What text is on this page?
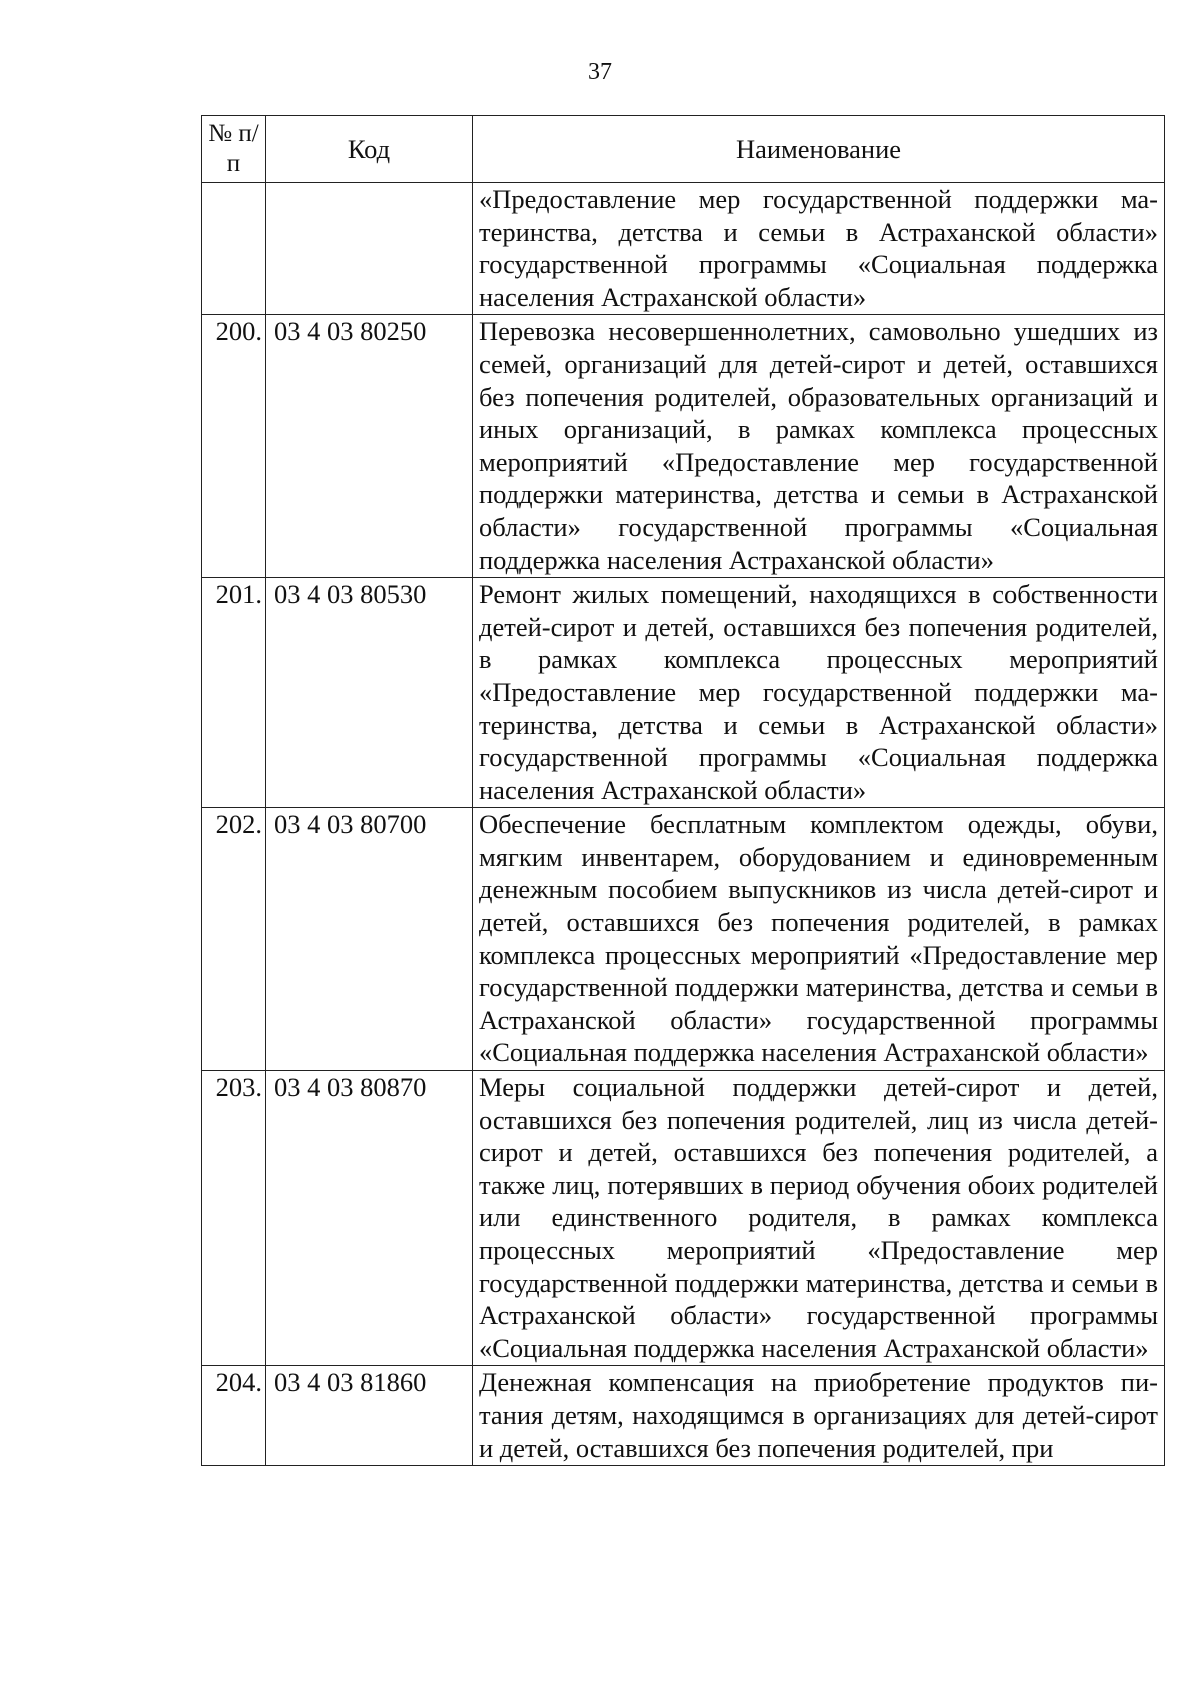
37
№ п/п	Код	Наименование
		«Предоставление мер государственной поддержки материнства, детства и семьи в Астраханской области» государственной программы «Социальная поддержка населения Астраханской области»
200.	03 4 03 80250	Перевозка несовершеннолетних, самовольно ушедших из семей, организаций для детей-сирот и детей, оставшихся без попечения родителей, образовательных организаций и иных организаций, в рамках комплекса процессных мероприятий «Предоставление мер государственной поддержки материнства, детства и семьи в Астраханской области» государственной программы «Социальная поддержка населения Астраханской области»
201.	03 4 03 80530	Ремонт жилых помещений, находящихся в собственности детей-сирот и детей, оставшихся без попечения родителей, в рамках комплекса процессных мероприятий «Предоставление мер государственной поддержки материнства, детства и семьи в Астраханской области» государственной программы «Социальная поддержка населения Астраханской области»
202.	03 4 03 80700	Обеспечение бесплатным комплектом одежды, обуви, мягким инвентарем, оборудованием и единовременным денежным пособием выпускников из числа детей-сирот и детей, оставшихся без попечения родителей, в рамках комплекса процессных мероприятий «Предоставление мер государственной поддержки материнства, детства и семьи в Астраханской области» государственной программы «Социальная поддержка населения Астраханской области»
203.	03 4 03 80870	Меры социальной поддержки детей-сирот и детей, оставшихся без попечения родителей, лиц из числа детей-сирот и детей, оставшихся без попечения родителей, а также лиц, потерявших в период обучения обоих родителей или единственного родителя, в рамках комплекса процессных мероприятий «Предоставление мер государственной поддержки материнства, детства и семьи в Астраханской области» государственной программы «Социальная поддержка населения Астраханской области»
204.	03 4 03 81860	Денежная компенсация на приобретение продуктов питания детям, находящимся в организациях для детей-сирот и детей, оставшихся без попечения родителей, при
